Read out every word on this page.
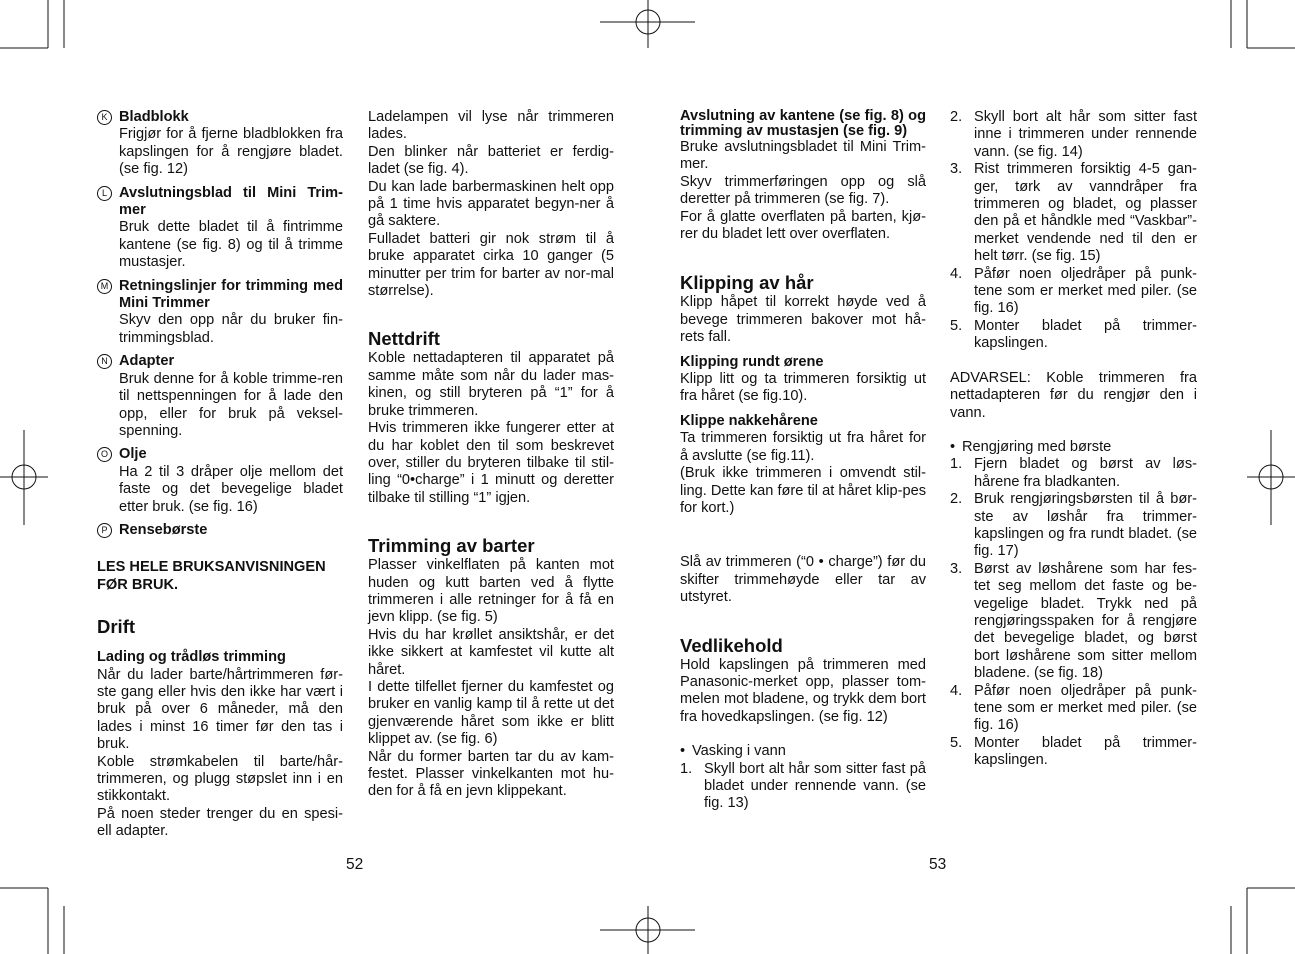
K Bladblokk

Frigjør for å fjerne bladblokken fra kapslingen for å rengjøre bladet. (se fig. 12)

L Avslutningsblad til Mini Trim-mer

Bruk dette bladet til å fintrimme kantene (se fig. 8) og til å trimme mustasjer.

M Retningslinjer for trimming med Mini Trimmer

Skyv den opp når du bruker fin-trimmingsblad.

N Adapter

Bruk denne for å koble trimme-ren til nettspenningen for å lade den opp, eller for bruk på veksel-spenning.

O Olje

Ha 2 til 3 dråper olje mellom det faste og det bevegelige bladet etter bruk. (se fig. 16)

P Rensebørste

LES HELE BRUKSANVISNINGEN FØR BRUK.

Drift
Lading og trådløs trimming

Når du lader barte/hårtrimmeren før-ste gang eller hvis den ikke har vært i bruk på over 6 måneder, må den lades i minst 16 timer før den tas i bruk.

Koble strømkabelen til barte/hår-trimmeren, og plugg støpslet inn i en stikkontakt.

På noen steder trenger du en spesi-ell adapter.

Ladelampen vil lyse når trimmeren lades.

Den blinker når batteriet er ferdig-ladet (se fig. 4).

Du kan lade barbermaskinen helt opp på 1 time hvis apparatet begyn-ner å gå saktere.

Fulladet batteri gir nok strøm til å bruke apparatet cirka 10 ganger (5 minutter per trim for barter av nor-mal størrelse).

Nettdrift

Koble nettadapteren til apparatet på samme måte som når du lader mas-kinen, og still bryteren på “1” for å bruke trimmeren.

Hvis trimmeren ikke fungerer etter at du har koblet den til som beskrevet over, stiller du bryteren tilbake til stil-ling “0•charge” i 1 minutt og deretter tilbake til stilling “1” igjen.

Trimming av barter

Plasser vinkelflaten på kanten mot huden og kutt barten ved å flytte trimmeren i alle retninger for å få en jevn klipp. (se fig. 5)

Hvis du har krøllet ansiktshår, er det ikke sikkert at kamfestet vil kutte alt håret.

I dette tilfellet fjerner du kamfestet og bruker en vanlig kamp til å rette ut det gjenværende håret som ikke er blitt klippet av. (se fig. 6)

Når du former barten tar du av kam-festet. Plasser vinkelkanten mot hu-den for å få en jevn klippekant.

Avslutning av kantene (se fig. 8) og trimming av mustasjen (se fig. 9)

Bruke avslutningsbladet til Mini Trim-mer.

Skyv trimmerføringen opp og slå deretter på trimmeren (se fig. 7).

For å glatte overflaten på barten, kjø-rer du bladet lett over overflaten.

Klipping av hår

Klipp håpet til korrekt høyde ved å bevege trimmeren bakover mot hå-rets fall.

Klipping rundt ørene

Klipp litt og ta trimmeren forsiktig ut fra håret (se fig.10).

Klippe nakkehårene

Ta trimmeren forsiktig ut fra håret for å avslutte (se fig.11).

(Bruk ikke trimmeren i omvendt stil-ling. Dette kan føre til at håret klip-pes for kort.)

Slå av trimmeren (“0 • charge”) før du skifter trimmehøyde eller tar av utstyret.

Vedlikehold

Hold kapslingen på trimmeren med Panasonic-merket opp, plasser tom-melen mot bladene, og trykk dem bort fra hovedkapslingen. (se fig. 12)

• Vasking i vann
1. Skyll bort alt hår som sitter fast på bladet under rennende vann. (se fig. 13)

2. Skyll bort alt hår som sitter fast inne i trimmeren under rennende vann. (se fig. 14)

3. Rist trimmeren forsiktig 4-5 gan-ger, tørk av vanndråper fra trimmeren og bladet, og plasser den på et håndkle med “Vaskbar”-merket vendende ned til den er helt tørr. (se fig. 15)

4. Påfør noen oljedråper på punk-tene som er merket med piler. (se fig. 16)

5. Monter bladet på trimmer-kapslingen.

ADVARSEL: Koble trimmeren fra nettadapteren før du rengjør den i vann.

• Rengjøring med børste
1. Fjern bladet og børst av løs-hårene fra bladkanten.

2. Bruk rengjøringsbørsten til å bør-ste av løshår fra trimmer-kapslingen og fra rundt bladet. (se fig. 17)

3. Børst av løshårene som har fes-tet seg mellom det faste og be-vegelige bladet. Trykk ned på rengjøringsspaken for å rengjøre det bevegelige bladet, og børst bort løshårene som sitter mellom bladene. (se fig. 18)

4. Påfør noen oljedråper på punk-tene som er merket med piler. (se fig. 16)

5. Monter bladet på trimmer-kapslingen.

52	53
